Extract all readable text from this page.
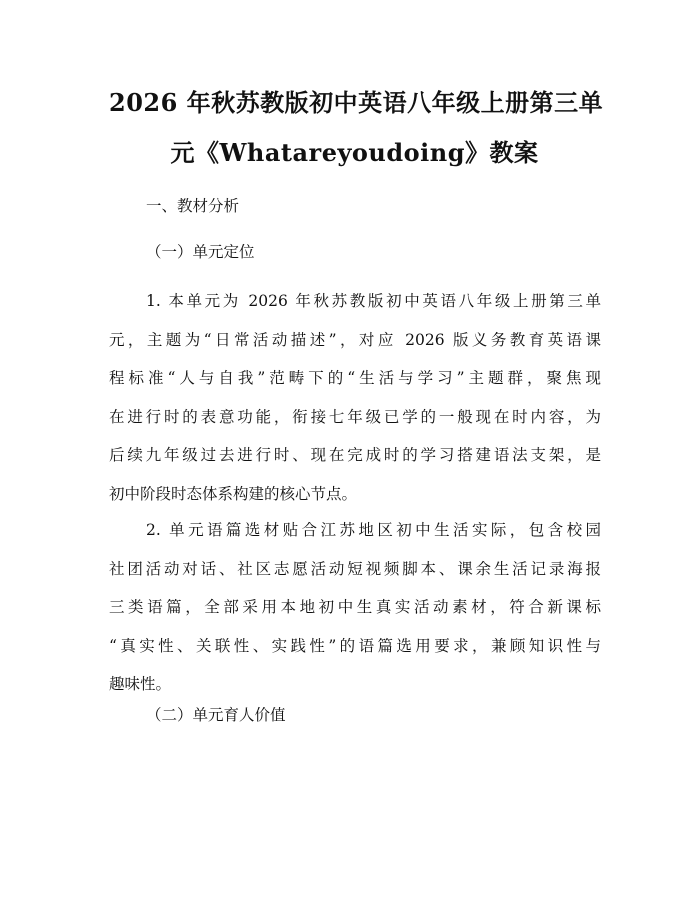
2026 年秋苏教版初中英语八年级上册第三单
元《Whatareyoudoing》教案

一、教材分析

（一）单元定位

1. 本单元为 2026 年秋苏教版初中英语八年级上册第三单
元，主题为“日常活动描述”，对应 2026 版义务教育英语课
程标准“人与自我”范畴下的“生活与学习”主题群，聚焦现
在进行时的表意功能，衔接七年级已学的一般现在时内容，为
后续九年级过去进行时、现在完成时的学习搭建语法支架，是
初中阶段时态体系构建的核心节点。
2. 单元语篇选材贴合江苏地区初中生活实际，包含校园
社团活动对话、社区志愿活动短视频脚本、课余生活记录海报
三类语篇，全部采用本地初中生真实活动素材，符合新课标
“真实性、关联性、实践性”的语篇选用要求，兼顾知识性与
趣味性。

（二）单元育人价值
